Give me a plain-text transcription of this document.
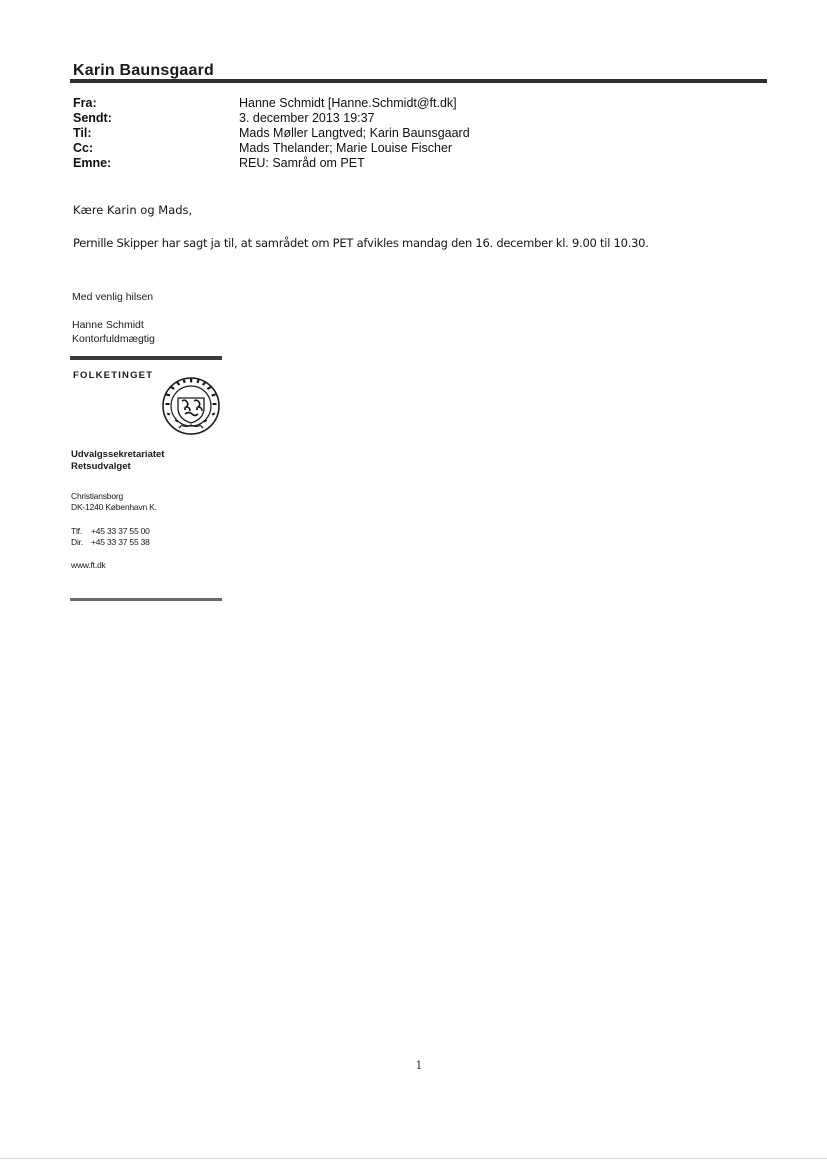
Karin Baunsgaard
Fra:	Hanne Schmidt [Hanne.Schmidt@ft.dk]
Sendt:	3. december 2013 19:37
Til:	Mads Møller Langtved; Karin Baunsgaard
Cc:	Mads Thelander; Marie Louise Fischer
Emne:	REU: Samråd om PET
Kære Karin og Mads,
Pernille Skipper har sagt ja til, at samrådet om PET afvikles mandag den 16. december kl. 9.00 til 10.30.
Med venlig hilsen
Hanne Schmidt
Kontorfuldmægtig
FOLKETINGET
Udvalgssekretariatet
Retsudvalget
Christiansborg
DK-1240 København K.
Tlf. +45 33 37 55 00
Dir. +45 33 37 55 38
www.ft.dk
1
